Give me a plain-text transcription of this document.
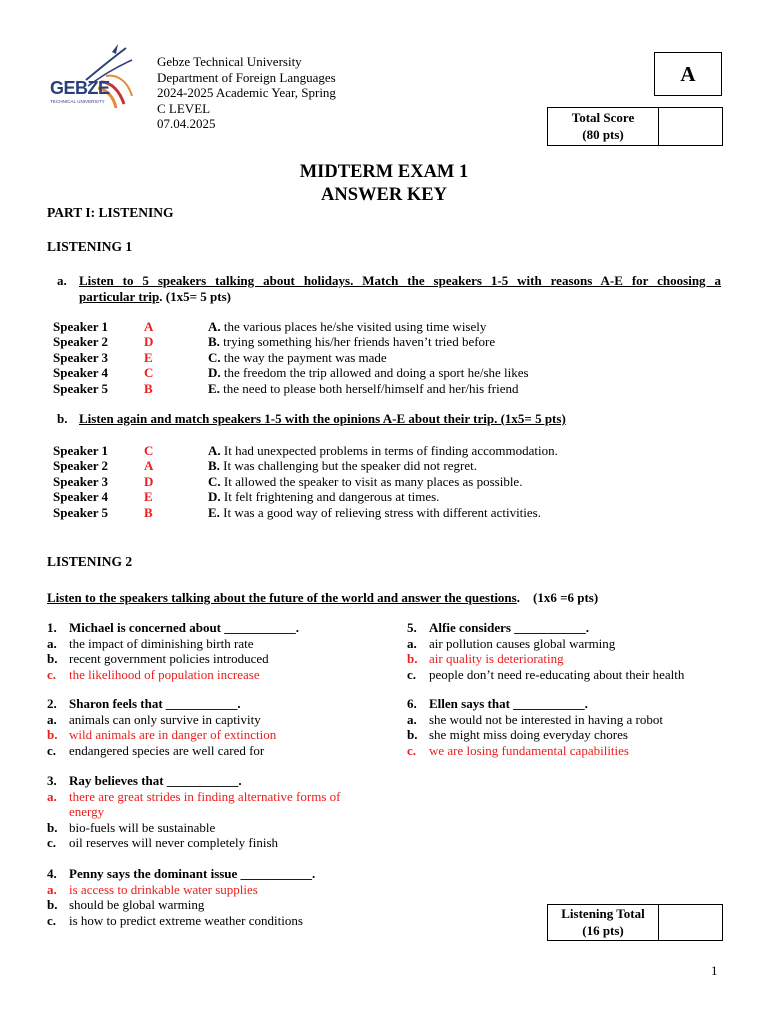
GEBZE
TECHNICAL UNIVERSITY
Gebze Technical University
Department of Foreign Languages
2024-2025 Academic Year, Spring
C LEVEL
07.04.2025
A
Total Score
(80 pts)
MIDTERM EXAM 1
ANSWER KEY
PART I: LISTENING
LISTENING 1
a. Listen to 5 speakers talking about holidays. Match the speakers 1-5 with reasons A-E for choosing a
particular trip. (1x5= 5 pts)
Speaker 1	A	A. the various places he/she visited using time wisely
Speaker 2	D	B. trying something his/her friends haven’t tried before
Speaker 3	E	C. the way the payment was made
Speaker 4	C	D. the freedom the trip allowed and doing a sport he/she likes
Speaker 5	B	E. the need to please both herself/himself and her/his friend
b. Listen again and match speakers 1-5 with the opinions A-E about their trip. (1x5= 5 pts)
Speaker 1	C	A. It had unexpected problems in terms of finding accommodation.
Speaker 2	A	B. It was challenging but the speaker did not regret.
Speaker 3	D	C. It allowed the speaker to visit as many places as possible.
Speaker 4	E	D. It felt frightening and dangerous at times.
Speaker 5	B	E. It was a good way of relieving stress with different activities.
LISTENING 2
Listen to the speakers talking about the future of the world and answer the questions.    (1x6 =6 pts)
1. Michael is concerned about ___________.
a. the impact of diminishing birth rate
b. recent government policies introduced
c. the likelihood of population increase
2. Sharon feels that ___________.
a. animals can only survive in captivity
b. wild animals are in danger of extinction
c. endangered species are well cared for
3. Ray believes that ___________.
a. there are great strides in finding alternative forms of
energy
b. bio-fuels will be sustainable
c. oil reserves will never completely finish
4. Penny says the dominant issue ___________.
a. is access to drinkable water supplies
b. should be global warming
c. is how to predict extreme weather conditions
5. Alfie considers ___________.
a. air pollution causes global warming
b. air quality is deteriorating
c. people don’t need re-educating about their health
6. Ellen says that ___________.
a. she would not be interested in having a robot
b. she might miss doing everyday chores
c. we are losing fundamental capabilities
Listening Total
(16 pts)
1
